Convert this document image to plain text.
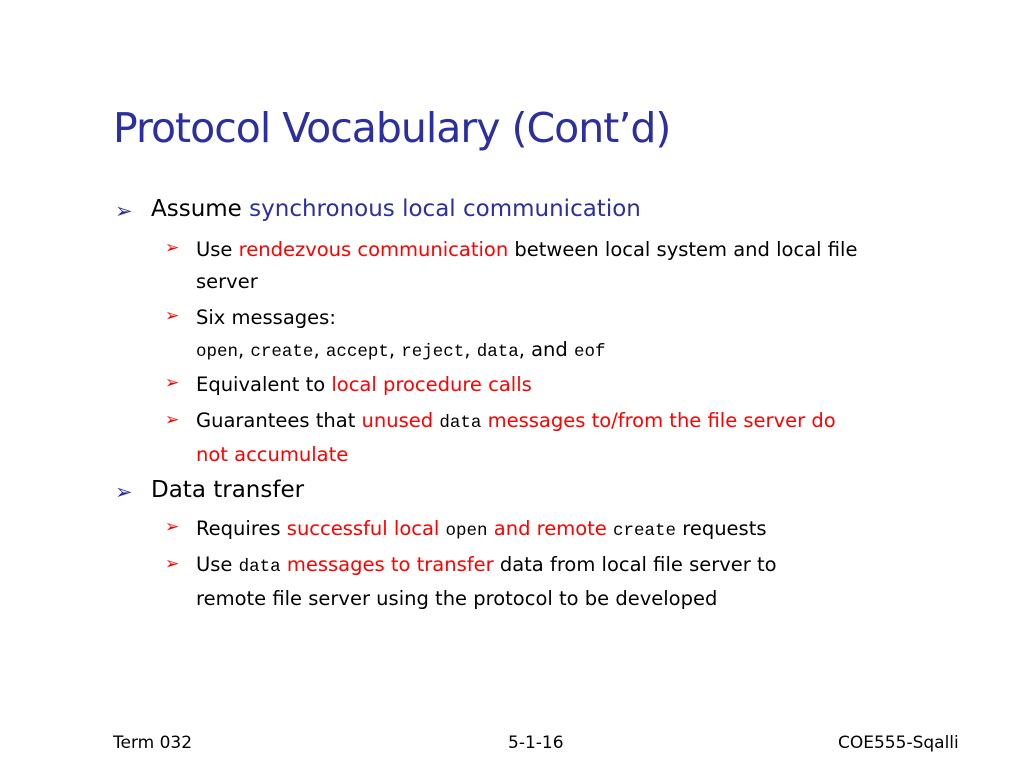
Protocol Vocabulary (Cont’d)
➢ Assume synchronous local communication
➢ Use rendezvous communication between local system and local file
server
➢ Six messages:
open, create, accept, reject, data, and eof
➢ Equivalent to local procedure calls
➢ Guarantees that unused data messages to/from the file server do
not accumulate
➢ Data transfer
➢ Requires successful local open and remote create requests
➢ Use data messages to transfer data from local file server to
remote file server using the protocol to be developed
Term 032	5-1-16	COE555-Sqalli
